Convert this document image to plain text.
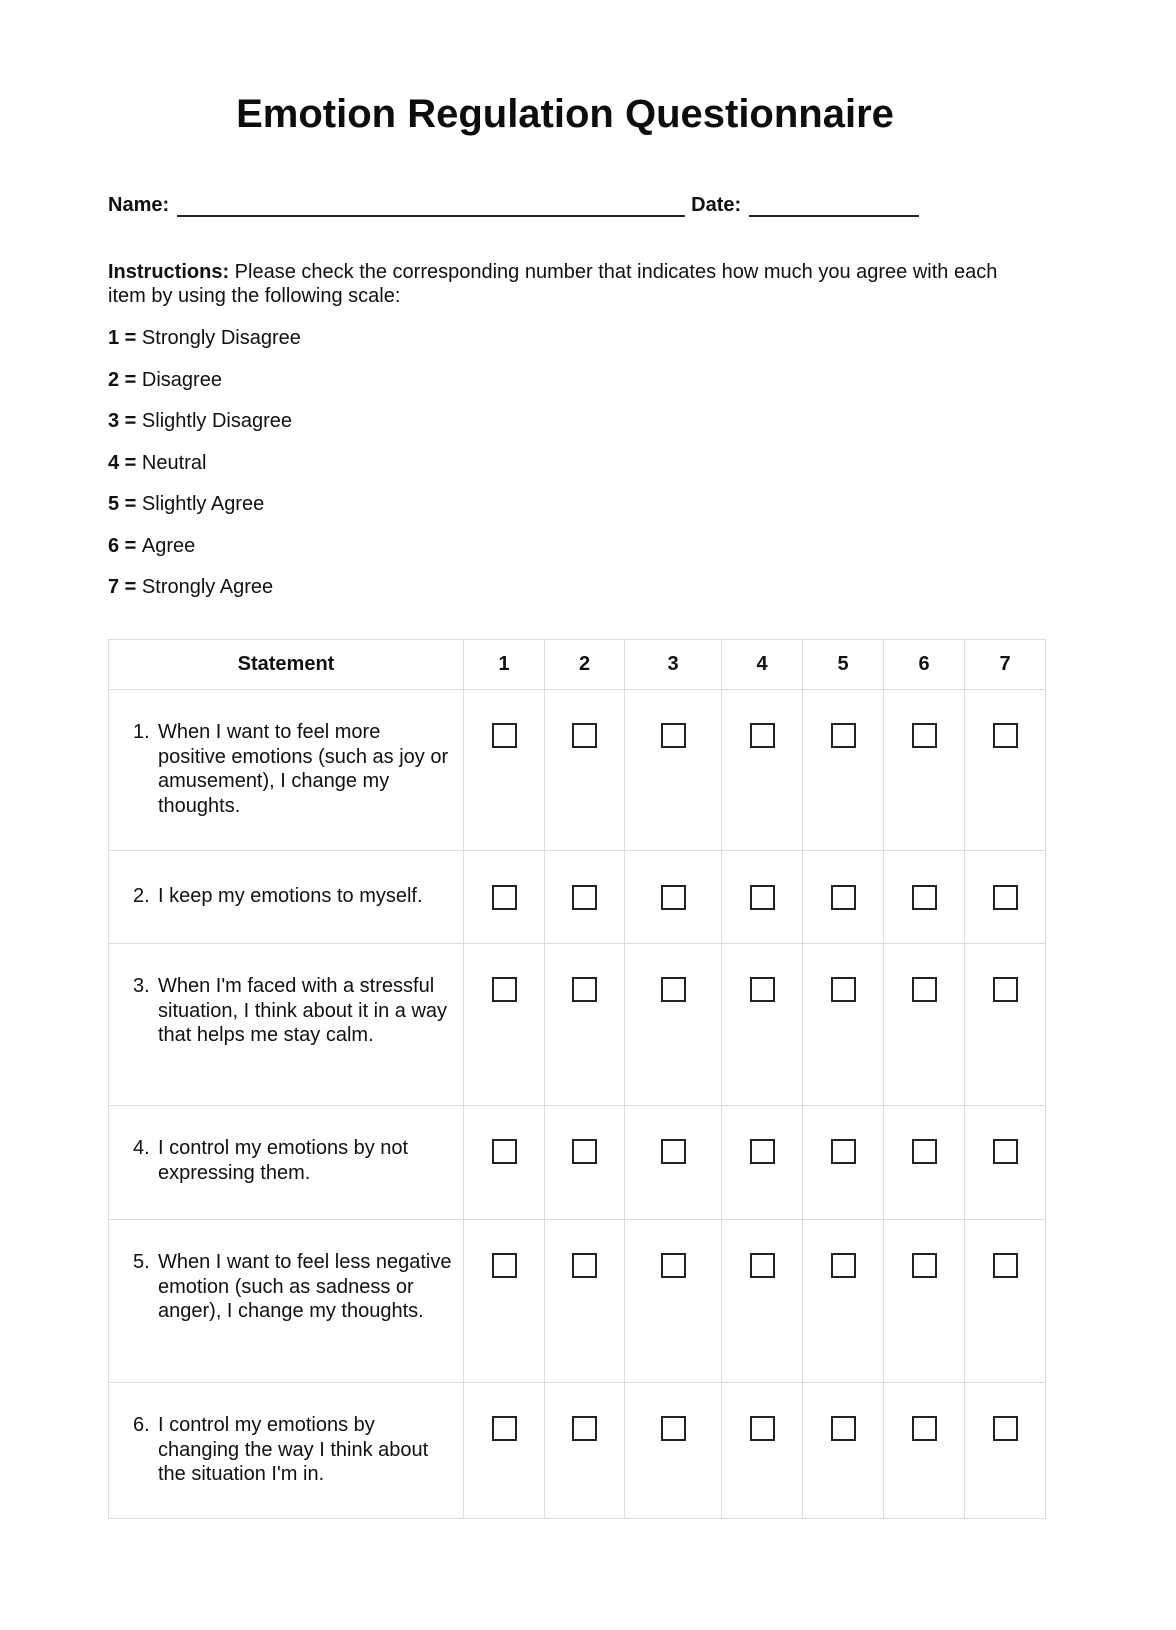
Emotion Regulation Questionnaire
Name:	Date:
Instructions: Please check the corresponding number that indicates how much you agree with each item by using the following scale:
1 = Strongly Disagree
2 = Disagree
3 = Slightly Disagree
4 = Neutral
5 = Slightly Agree
6 = Agree
7 = Strongly Agree
Statement	1	2	3	4	5	6	7

1. When I want to feel more positive emotions (such as joy or amusement), I change my thoughts.							

2. I keep my emotions to myself.							

3. When I'm faced with a stressful situation, I think about it in a way that helps me stay calm.							

4. I control my emotions by not expressing them.							

5. When I want to feel less negative emotion (such as sadness or anger), I change my thoughts.							

6. I control my emotions by changing the way I think about the situation I'm in.							
